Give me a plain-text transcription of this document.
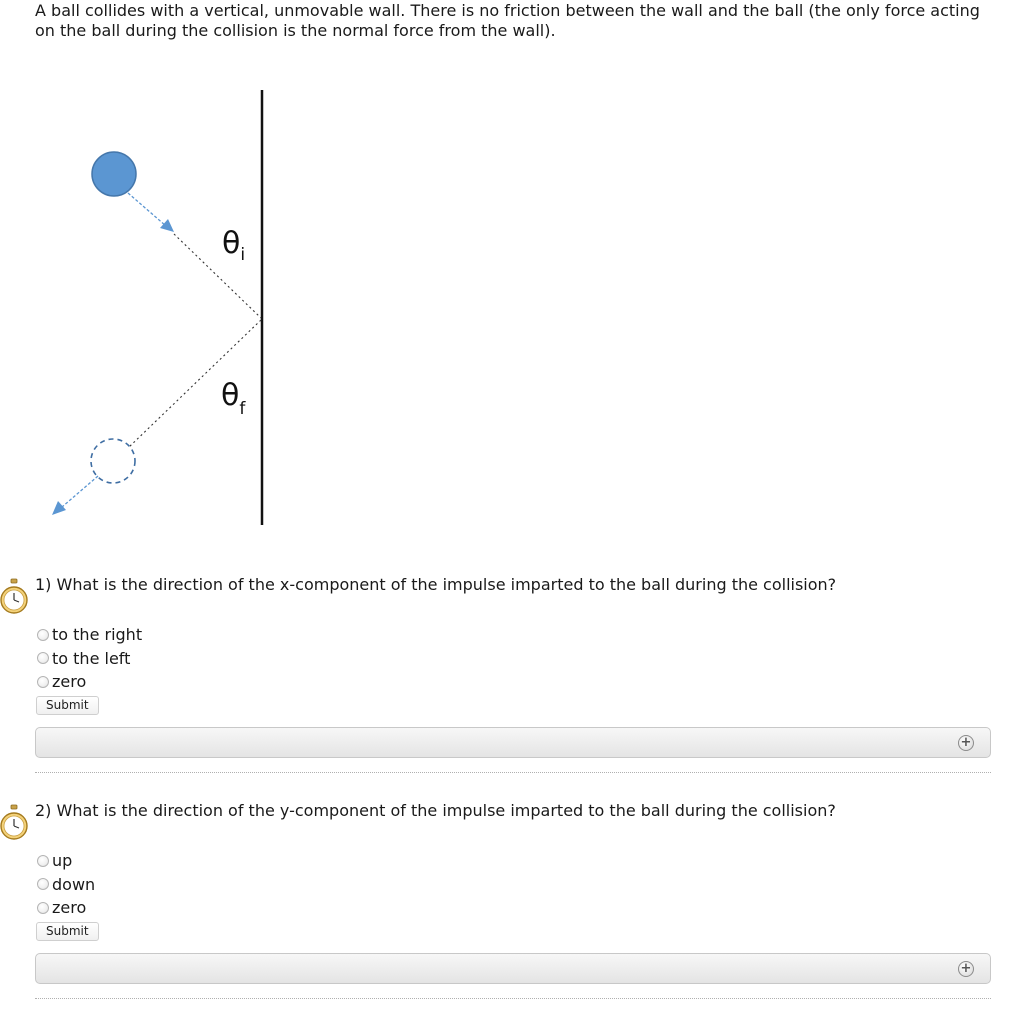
A ball collides with a vertical, unmovable wall. There is no friction between the wall and the ball (the only force acting on the ball during the collision is the normal force from the wall).
$\theta_i$
$\theta_f$
1) What is the direction of the x-component of the impulse imparted to the ball during the collision?
to the right
to the left
zero
Submit
+
2) What is the direction of the y-component of the impulse imparted to the ball during the collision?
up
down
zero
Submit
+
